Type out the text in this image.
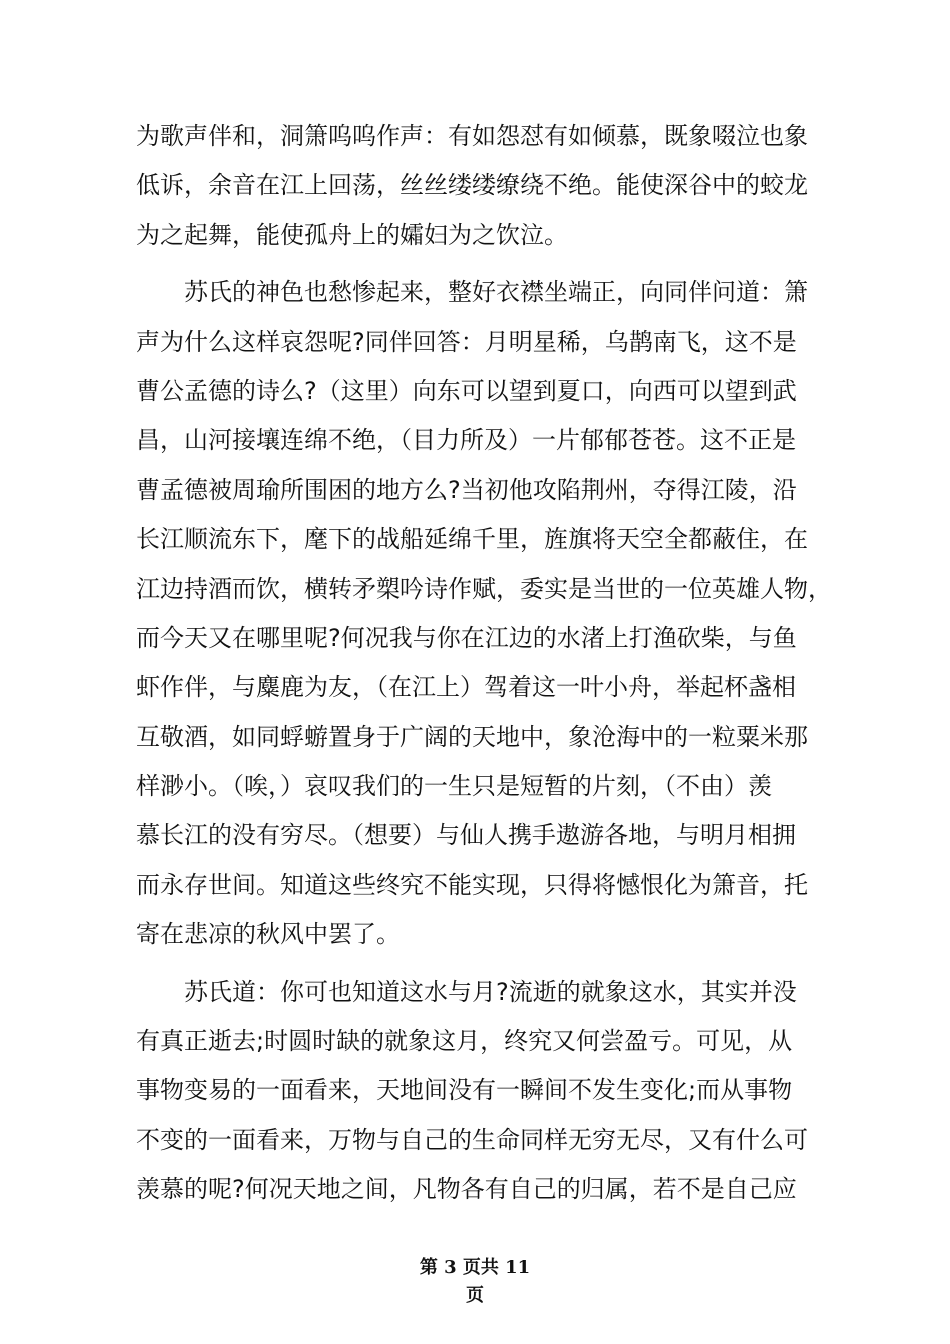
为歌声伴和，洞箫呜呜作声：有如怨怼有如倾慕，既象啜泣也象
低诉，余音在江上回荡，丝丝缕缕缭绕不绝。能使深谷中的蛟龙
为之起舞，能使孤舟上的孀妇为之饮泣。
　　苏氏的神色也愁惨起来，整好衣襟坐端正，向同伴问道：箫
声为什么这样哀怨呢?同伴回答：月明星稀，乌鹊南飞，这不是
曹公孟德的诗么?（这里）向东可以望到夏口，向西可以望到武
昌，山河接壤连绵不绝，（目力所及）一片郁郁苍苍。这不正是
曹孟德被周瑜所围困的地方么?当初他攻陷荆州，夺得江陵，沿
长江顺流东下，麾下的战船延绵千里，旌旗将天空全都蔽住，在
江边持酒而饮，横转矛槊吟诗作赋，委实是当世的一位英雄人物，
而今天又在哪里呢?何况我与你在江边的水渚上打渔砍柴，与鱼
虾作伴，与麋鹿为友，（在江上）驾着这一叶小舟，举起杯盏相
互敬酒，如同蜉蝣置身于广阔的天地中，象沧海中的一粒粟米那
样渺小。（唉，）哀叹我们的一生只是短暂的片刻，（不由）羡
慕长江的没有穷尽。（想要）与仙人携手遨游各地，与明月相拥
而永存世间。知道这些终究不能实现，只得将憾恨化为箫音，托
寄在悲凉的秋风中罢了。
　　苏氏道：你可也知道这水与月?流逝的就象这水，其实并没
有真正逝去;时圆时缺的就象这月，终究又何尝盈亏。可见，从
事物变易的一面看来，天地间没有一瞬间不发生变化;而从事物
不变的一面看来，万物与自己的生命同样无穷无尽，又有什么可
羡慕的呢?何况天地之间，凡物各有自己的归属，若不是自己应
第 3 页共 11
页
